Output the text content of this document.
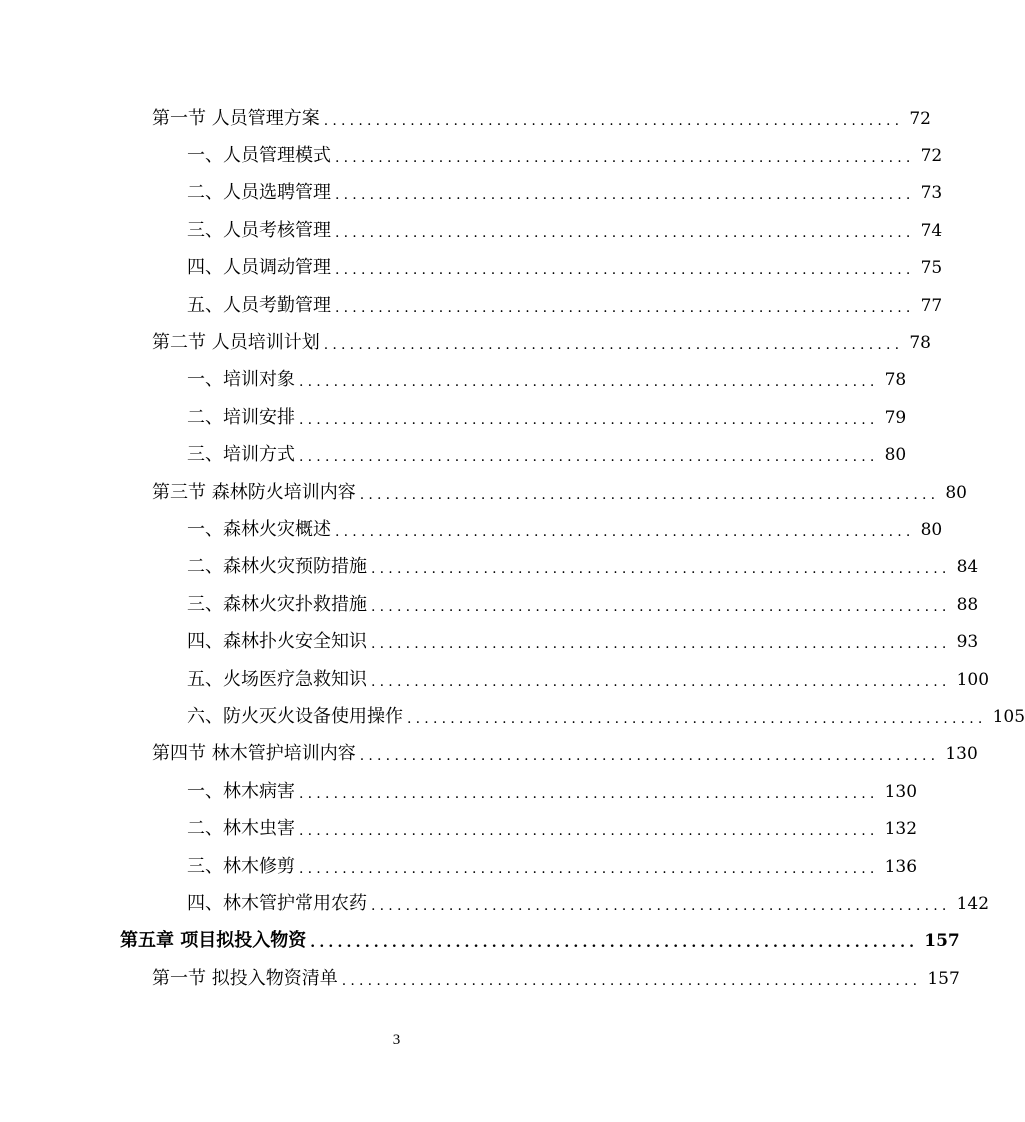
第一节 人员管理方案 ................................................................... 72
一、人员管理模式 ................................................................... 72
二、人员选聘管理 ................................................................... 73
三、人员考核管理 ................................................................... 74
四、人员调动管理 ................................................................... 75
五、人员考勤管理 ................................................................... 77
第二节 人员培训计划 ................................................................... 78
一、培训对象 ................................................................... 78
二、培训安排 ................................................................... 79
三、培训方式 ................................................................... 80
第三节 森林防火培训内容 ................................................................... 80
一、森林火灾概述 ................................................................... 80
二、森林火灾预防措施 ................................................................... 84
三、森林火灾扑救措施 ................................................................... 88
四、森林扑火安全知识 ................................................................... 93
五、火场医疗急救知识 ................................................................... 100
六、防火灭火设备使用操作 ................................................................... 105
第四节 林木管护培训内容 ................................................................... 130
一、林木病害 ................................................................... 130
二、林木虫害 ................................................................... 132
三、林木修剪 ................................................................... 136
四、林木管护常用农药 ................................................................... 142
第五章 项目拟投入物资 ................................................................... 157
第一节 拟投入物资清单 ................................................................... 157
3
